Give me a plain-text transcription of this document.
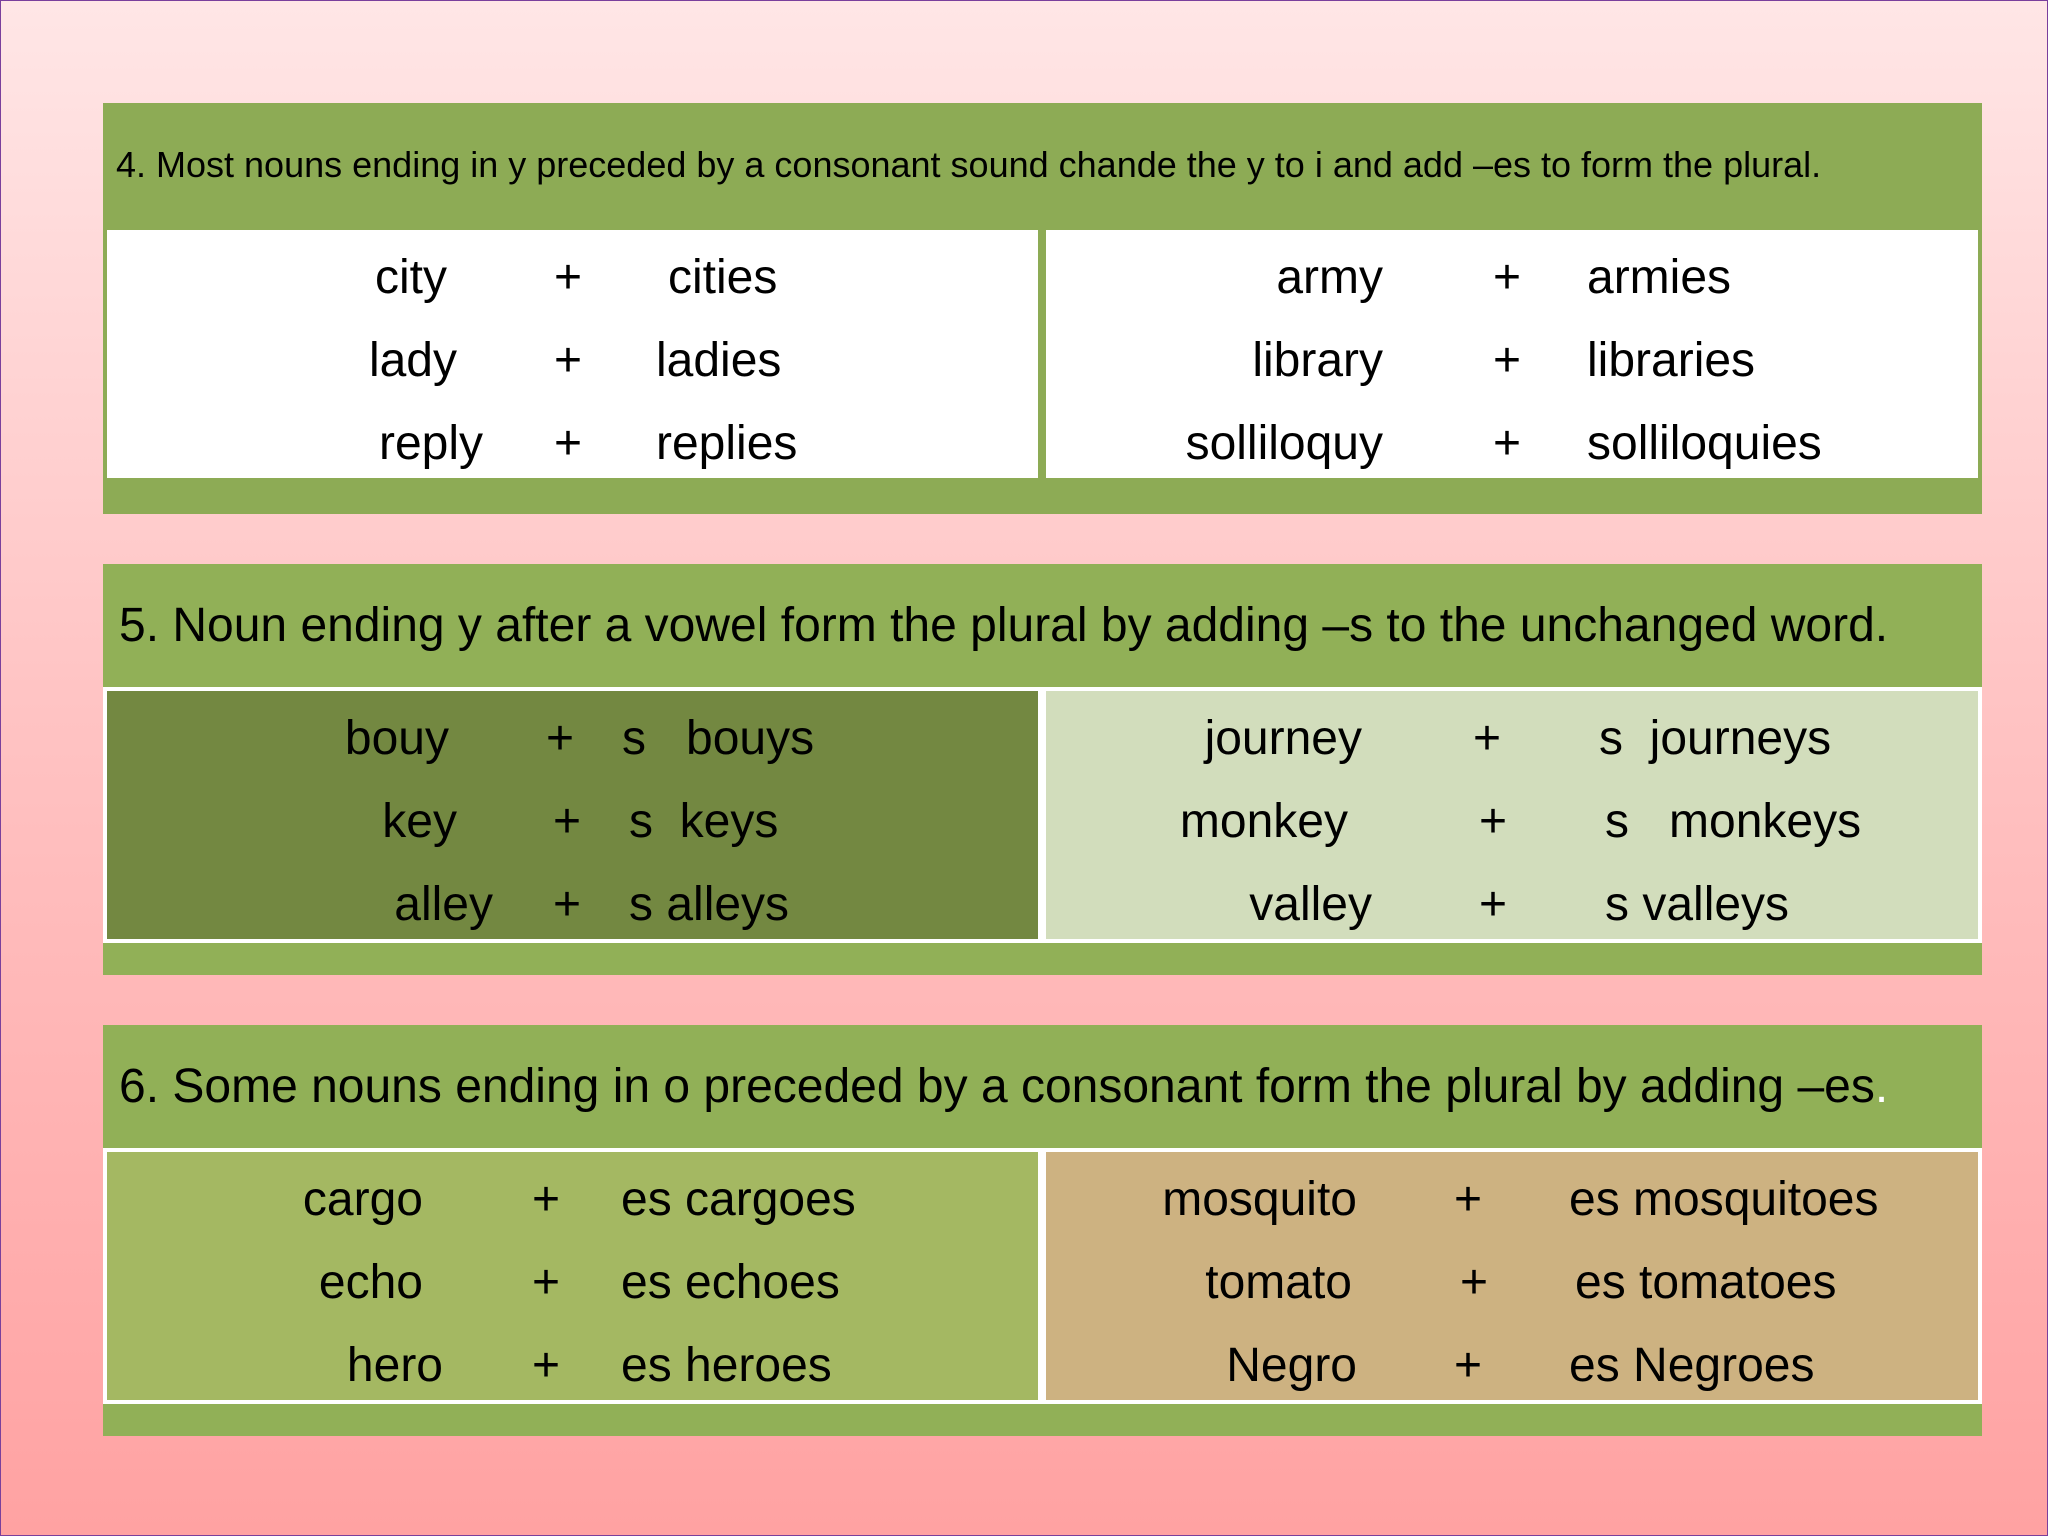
4. Most nouns ending in y preceded by a consonant sound chande the y to i and add –es to form the plural.
city + cities
lady + ladies
reply + replies
army + armies
library + libraries
solliloquy + solliloquies
5. Noun ending y after a vowel form the plural by adding –s to the unchanged word.
bouy + s   bouys
key + s  keys
alley + s alleys
journey + s  journeys
monkey	+ s   monkeys
valley + s valleys
6. Some nouns ending in o preceded by a consonant form the plural by adding –es .
cargo + es cargoes
echo + es echoes
hero + es heroes
mosquito + es mosquitoes
tomato + es tomatoes
Negro + es Negroes
